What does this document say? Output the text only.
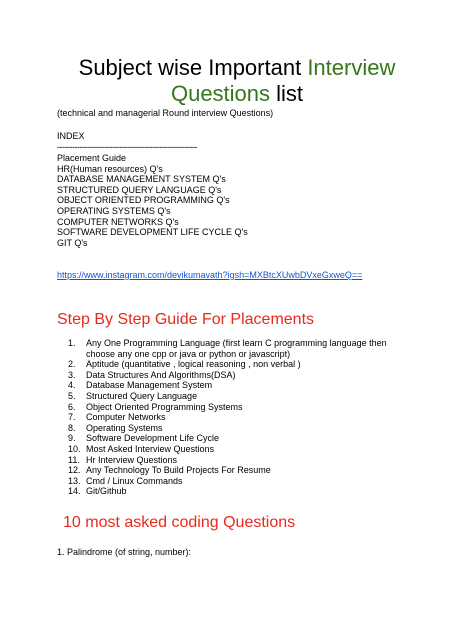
Subject wise Important Interview
Questions list
(technical and managerial Round interview Questions)
INDEX
--------------------------------------------------------
Placement Guide
HR(Human resources) Q's
DATABASE MANAGEMENT SYSTEM Q's
STRUCTURED QUERY LANGUAGE Q's
OBJECT ORIENTED PROGRAMMING Q's
OPERATING SYSTEMS Q's
COMPUTER NETWORKS Q's
SOFTWARE DEVELOPMENT LIFE CYCLE Q's
GIT Q's
https://www.instagram.com/devikumavath?igsh=MXBtcXUwbDVxeGxweQ==
Step By Step Guide For Placements
1. Any One Programming Language (first learn C programming language then choose any one cpp or java or python or javascript)
2. Aptitude (quantitative , logical reasoning , non verbal )
3. Data Structures And Algorithms(DSA)
4. Database Management System
5. Structured Query Language
6. Object Oriented Programming Systems
7. Computer Networks
8. Operating Systems
9. Software Development Life Cycle
10. Most Asked Interview Questions
11. Hr Interview Questions
12. Any Technology To Build Projects For Resume
13. Cmd / Linux Commands
14. Git/Github
10 most asked coding Questions
1. Palindrome (of string, number):
